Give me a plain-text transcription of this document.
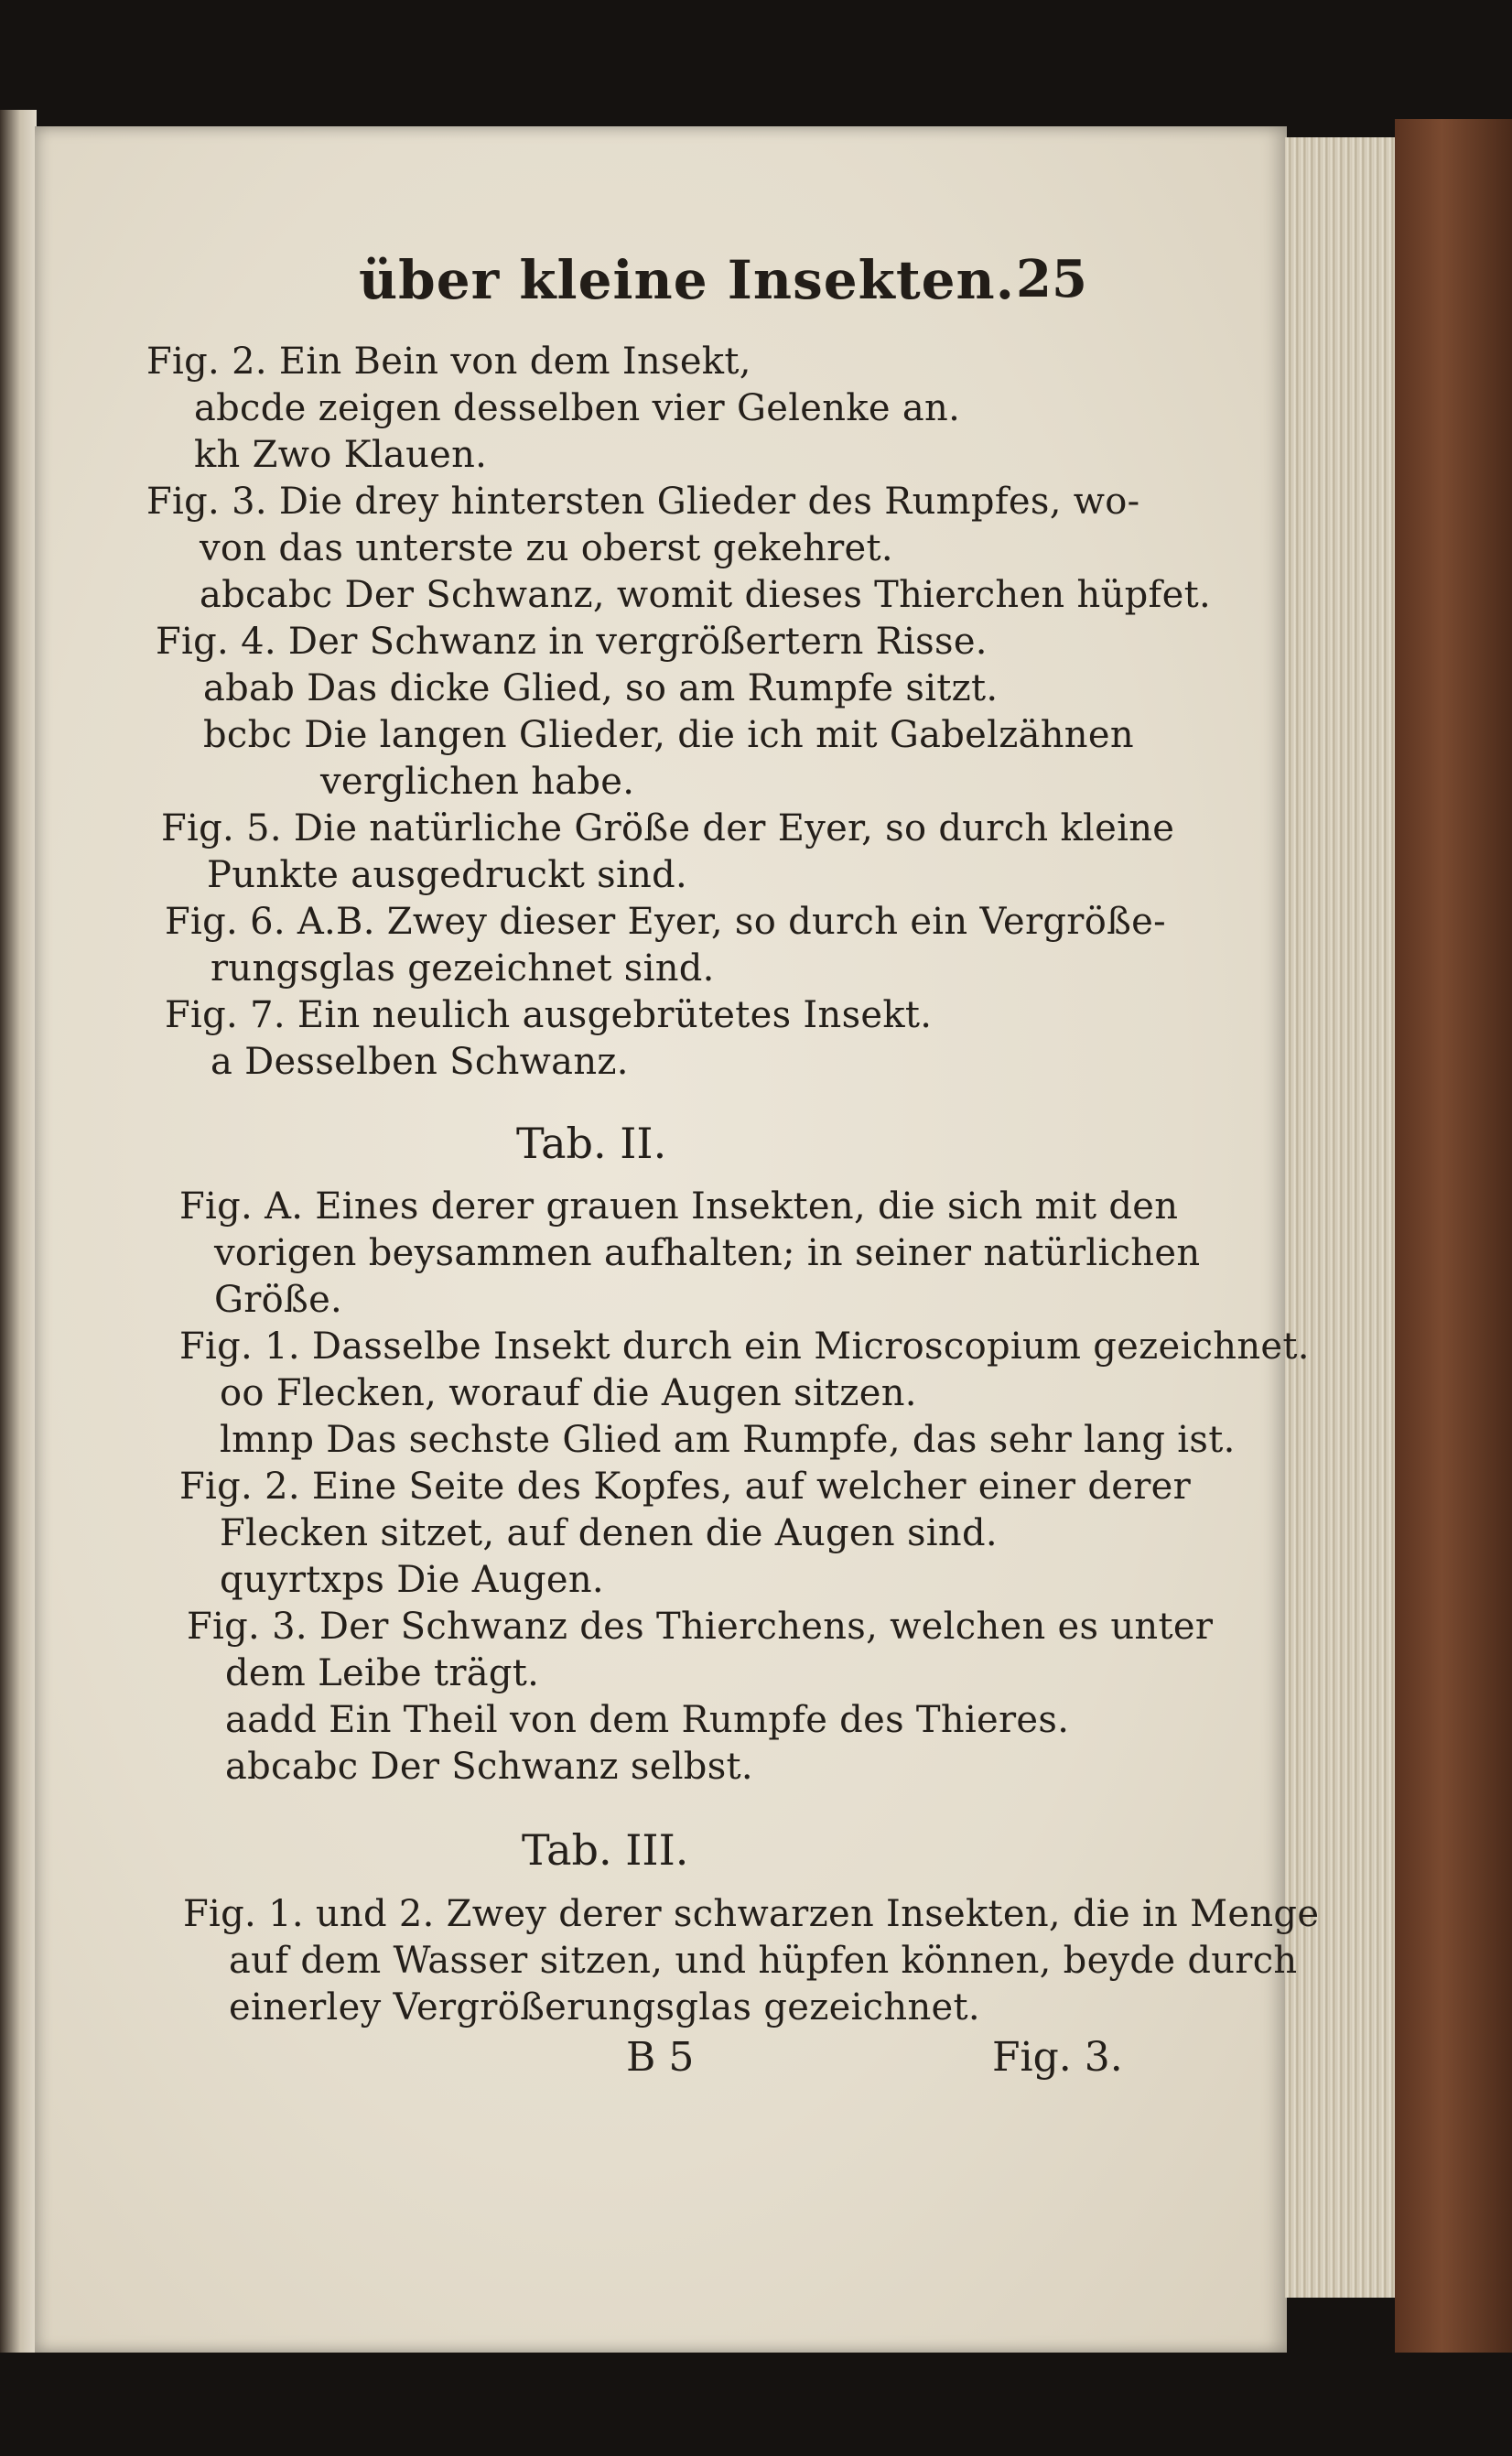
über kleine Insekten. 25
Fig. 2. Ein Bein von dem Insekt,
abcde zeigen desselben vier Gelenke an.
kh Zwo Klauen.
Fig. 3. Die drey hintersten Glieder des Rumpfes, wo-
von das unterste zu oberst gekehret.
abcabc Der Schwanz, womit dieses Thierchen hüpfet.
Fig. 4. Der Schwanz in vergrößertern Risse.
abab Das dicke Glied, so am Rumpfe sitzt.
bcbc Die langen Glieder, die ich mit Gabelzähnen
verglichen habe.
Fig. 5. Die natürliche Größe der Eyer, so durch kleine
Punkte ausgedruckt sind.
Fig. 6. A.B. Zwey dieser Eyer, so durch ein Vergröße-
rungsglas gezeichnet sind.
Fig. 7. Ein neulich ausgebrütetes Insekt.
a Desselben Schwanz.
Tab. II.
Fig. A. Eines derer grauen Insekten, die sich mit den
vorigen beysammen aufhalten; in seiner natürlichen
Größe.
Fig. 1. Dasselbe Insekt durch ein Microscopium gezeichnet.
oo Flecken, worauf die Augen sitzen.
lmnp Das sechste Glied am Rumpfe, das sehr lang ist.
Fig. 2. Eine Seite des Kopfes, auf welcher einer derer
Flecken sitzet, auf denen die Augen sind.
quyrtxps Die Augen.
Fig. 3. Der Schwanz des Thierchens, welchen es unter
dem Leibe trägt.
aadd Ein Theil von dem Rumpfe des Thieres.
abcabc Der Schwanz selbst.
Tab. III.
Fig. 1. und 2. Zwey derer schwarzen Insekten, die in Menge
auf dem Wasser sitzen, und hüpfen können, beyde durch
einerley Vergrößerungsglas gezeichnet.
B 5	Fig. 3.
